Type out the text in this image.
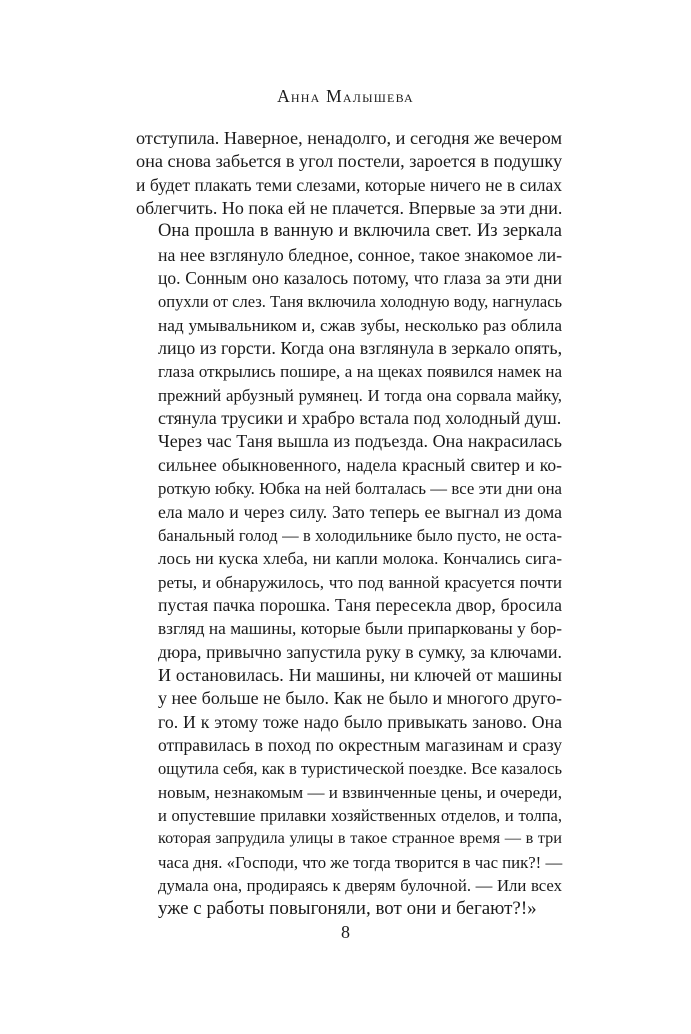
Анна Малышева

отступила. Наверное, ненадолго, и сегодня же вечером
она снова забьется в угол постели, зароется в подушку
и будет плакать теми слезами, которые ничего не в силах
облегчить. Но пока ей не плачется. Впервые за эти дни.

Она прошла в ванную и включила свет. Из зеркала
на нее взглянуло бледное, сонное, такое знакомое ли-
цо. Сонным оно казалось потому, что глаза за эти дни
опухли от слез. Таня включила холодную воду, нагнулась
над умывальником и, сжав зубы, несколько раз облила
лицо из горсти. Когда она взглянула в зеркало опять,
глаза открылись пошире, а на щеках появился намек на
прежний арбузный румянец. И тогда она сорвала майку,
стянула трусики и храбро встала под холодный душ.

Через час Таня вышла из подъезда. Она накрасилась
сильнее обыкновенного, надела красный свитер и ко-
роткую юбку. Юбка на ней болталась — все эти дни она
ела мало и через силу. Зато теперь ее выгнал из дома
банальный голод — в холодильнике было пусто, не оста-
лось ни куска хлеба, ни капли молока. Кончались сига-
реты, и обнаружилось, что под ванной красуется почти
пустая пачка порошка. Таня пересекла двор, бросила
взгляд на машины, которые были припаркованы у бор-
дюра, привычно запустила руку в сумку, за ключами.
И остановилась. Ни машины, ни ключей от машины
у нее больше не было. Как не было и многого друго-
го. И к этому тоже надо было привыкать заново. Она
отправилась в поход по окрестным магазинам и сразу
ощутила себя, как в туристической поездке. Все казалось
новым, незнакомым — и взвинченные цены, и очереди,
и опустевшие прилавки хозяйственных отделов, и толпа,
которая запрудила улицы в такое странное время — в три
часа дня. «Господи, что же тогда творится в час пик?! —
думала она, продираясь к дверям булочной. — Или всех
уже с работы повыгоняли, вот они и бегают?!»

8
